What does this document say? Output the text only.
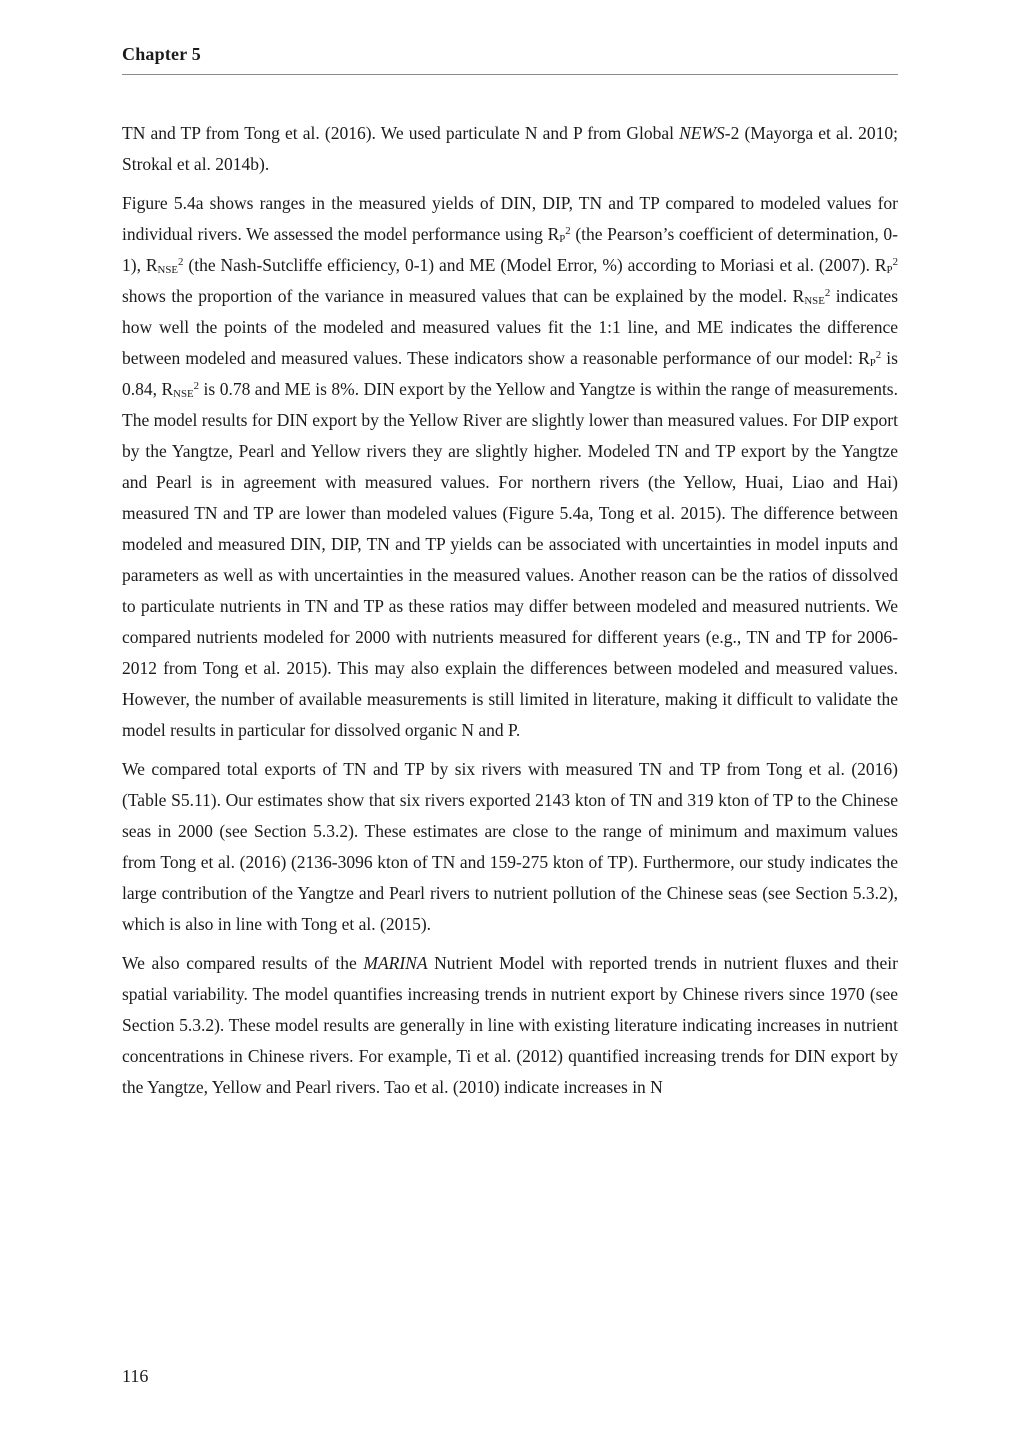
Chapter 5

TN and TP from Tong et al. (2016). We used particulate N and P from Global NEWS-2 (Mayorga et al. 2010; Strokal et al. 2014b).

Figure 5.4a shows ranges in the measured yields of DIN, DIP, TN and TP compared to modeled values for individual rivers. We assessed the model performance using $R_P^2$ (the Pearson’s coefficient of determination, 0-1), $R_{NSE}^2$ (the Nash-Sutcliffe efficiency, 0-1) and ME (Model Error, %) according to Moriasi et al. (2007). $R_P^2$ shows the proportion of the variance in measured values that can be explained by the model. $R_{NSE}^2$ indicates how well the points of the modeled and measured values fit the 1:1 line, and ME indicates the difference between modeled and measured values. These indicators show a reasonable performance of our model: $R_P^2$ is 0.84, $R_{NSE}^2$ is 0.78 and ME is 8%. DIN export by the Yellow and Yangtze is within the range of measurements. The model results for DIN export by the Yellow River are slightly lower than measured values. For DIP export by the Yangtze, Pearl and Yellow rivers they are slightly higher. Modeled TN and TP export by the Yangtze and Pearl is in agreement with measured values. For northern rivers (the Yellow, Huai, Liao and Hai) measured TN and TP are lower than modeled values (Figure 5.4a, Tong et al. 2015). The difference between modeled and measured DIN, DIP, TN and TP yields can be associated with uncertainties in model inputs and parameters as well as with uncertainties in the measured values. Another reason can be the ratios of dissolved to particulate nutrients in TN and TP as these ratios may differ between modeled and measured nutrients. We compared nutrients modeled for 2000 with nutrients measured for different years (e.g., TN and TP for 2006-2012 from Tong et al. 2015). This may also explain the differences between modeled and measured values. However, the number of available measurements is still limited in literature, making it difficult to validate the model results in particular for dissolved organic N and P.

We compared total exports of TN and TP by six rivers with measured TN and TP from Tong et al. (2016) (Table S5.11). Our estimates show that six rivers exported 2143 kton of TN and 319 kton of TP to the Chinese seas in 2000 (see Section 5.3.2). These estimates are close to the range of minimum and maximum values from Tong et al. (2016) (2136-3096 kton of TN and 159-275 kton of TP). Furthermore, our study indicates the large contribution of the Yangtze and Pearl rivers to nutrient pollution of the Chinese seas (see Section 5.3.2), which is also in line with Tong et al. (2015).

We also compared results of the MARINA Nutrient Model with reported trends in nutrient fluxes and their spatial variability. The model quantifies increasing trends in nutrient export by Chinese rivers since 1970 (see Section 5.3.2). These model results are generally in line with existing literature indicating increases in nutrient concentrations in Chinese rivers. For example, Ti et al. (2012) quantified increasing trends for DIN export by the Yangtze, Yellow and Pearl rivers. Tao et al. (2010) indicate increases in N

116
